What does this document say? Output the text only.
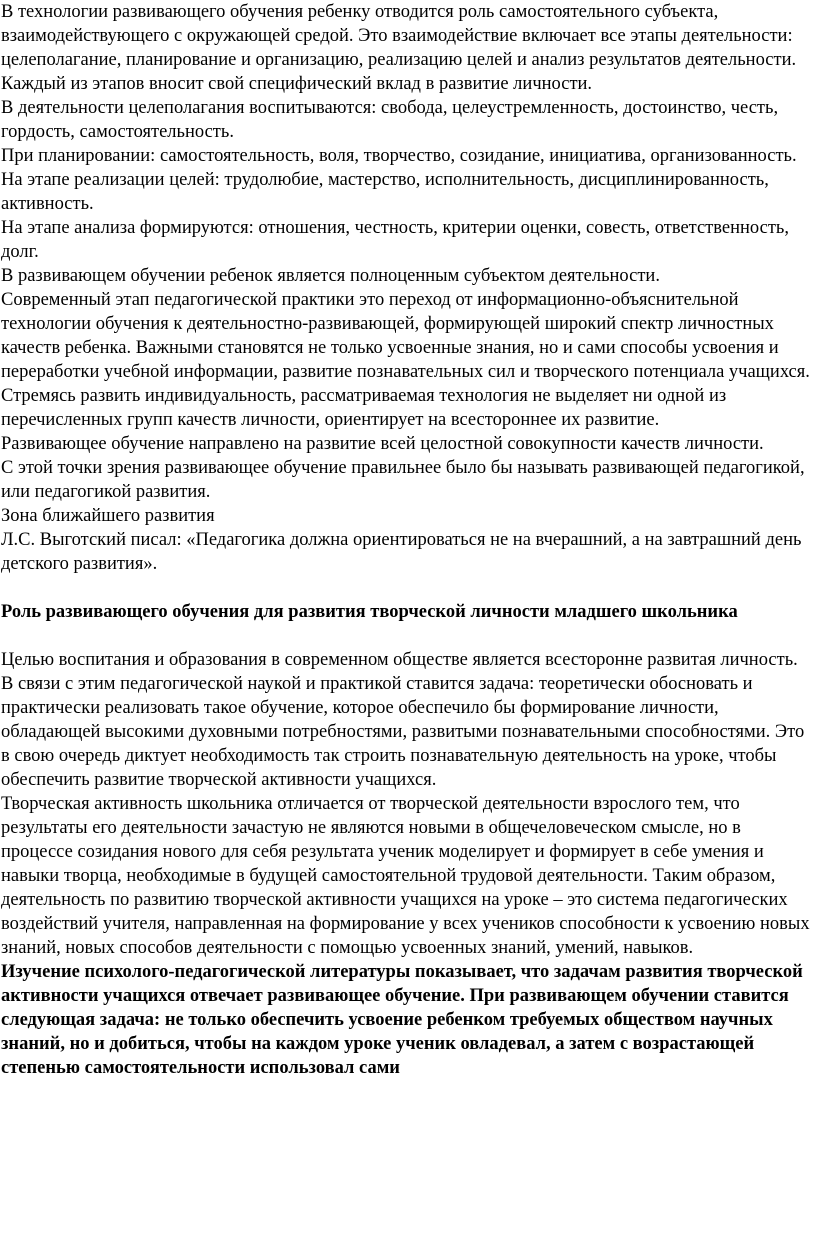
В технологии развивающего обучения ребенку отводится роль самостоятельного субъекта, взаимодействующего с окружающей средой. Это взаимодействие включает все этапы деятельности: целеполагание, планирование и организацию, реализацию целей и анализ результатов деятельности. Каждый из этапов вносит свой специфический вклад в развитие личности.

В деятельности целеполагания воспитываются: свобода, целеустремленность, достоинство, честь, гордость, самостоятельность.

При планировании: самостоятельность, воля, творчество, созидание, инициатива, организованность.

На этапе реализации целей: трудолюбие, мастерство, исполнительность, дисциплинированность, активность.

На этапе анализа формируются: отношения, честность, критерии оценки, совесть, ответственность, долг.

В развивающем обучении ребенок является полноценным субъектом деятельности.

Современный этап педагогической практики это переход от информационно-объяснительной технологии обучения к деятельностно-развивающей, формирующей широкий спектр личностных качеств ребенка. Важными становятся не только усвоенные знания, но и сами способы усвоения и переработки учебной информации, развитие познавательных сил и творческого потенциала учащихся.

Стремясь развить индивидуальность, рассматриваемая технология не выделяет ни одной из перечисленных групп качеств личности, ориентирует на всестороннее их развитие.

Развивающее обучение направлено на развитие всей целостной совокупности качеств личности.

С этой точки зрения развивающее обучение правильнее было бы называть развивающей педагогикой, или педагогикой развития.

Зона ближайшего развития

Л.С. Выготский писал: «Педагогика должна ориентироваться не на вчерашний, а на завтрашний день детского развития».

Роль развивающего обучения для развития творческой личности младшего школьника

Целью воспитания и образования в современном обществе является всесторонне развитая личность. В связи с этим педагогической наукой и практикой ставится задача: теоретически обосновать и практически реализовать такое обучение, которое обеспечило бы формирование личности, обладающей высокими духовными потребностями, развитыми познавательными способностями. Это в свою очередь диктует необходимость так строить познавательную деятельность на уроке, чтобы обеспечить развитие творческой активности учащихся.

Творческая активность школьника отличается от творческой деятельности взрослого тем, что результаты его деятельности зачастую не являются новыми в общечеловеческом смысле, но в процессе созидания нового для себя результата ученик моделирует и формирует в себе умения и навыки творца, необходимые в будущей самостоятельной трудовой деятельности. Таким образом, деятельность по развитию творческой активности учащихся на уроке – это система педагогических воздействий учителя, направленная на формирование у всех учеников способности к усвоению новых знаний, новых способов деятельности с помощью усвоенных знаний, умений, навыков.

Изучение психолого-педагогической литературы показывает, что задачам развития творческой активности учащихся отвечает развивающее обучение. При развивающем обучении ставится следующая задача: не только обеспечить усвоение ребенком требуемых обществом научных знаний, но и добиться, чтобы на каждом уроке ученик овладевал, а затем с возрастающей степенью самостоятельности использовал сами
